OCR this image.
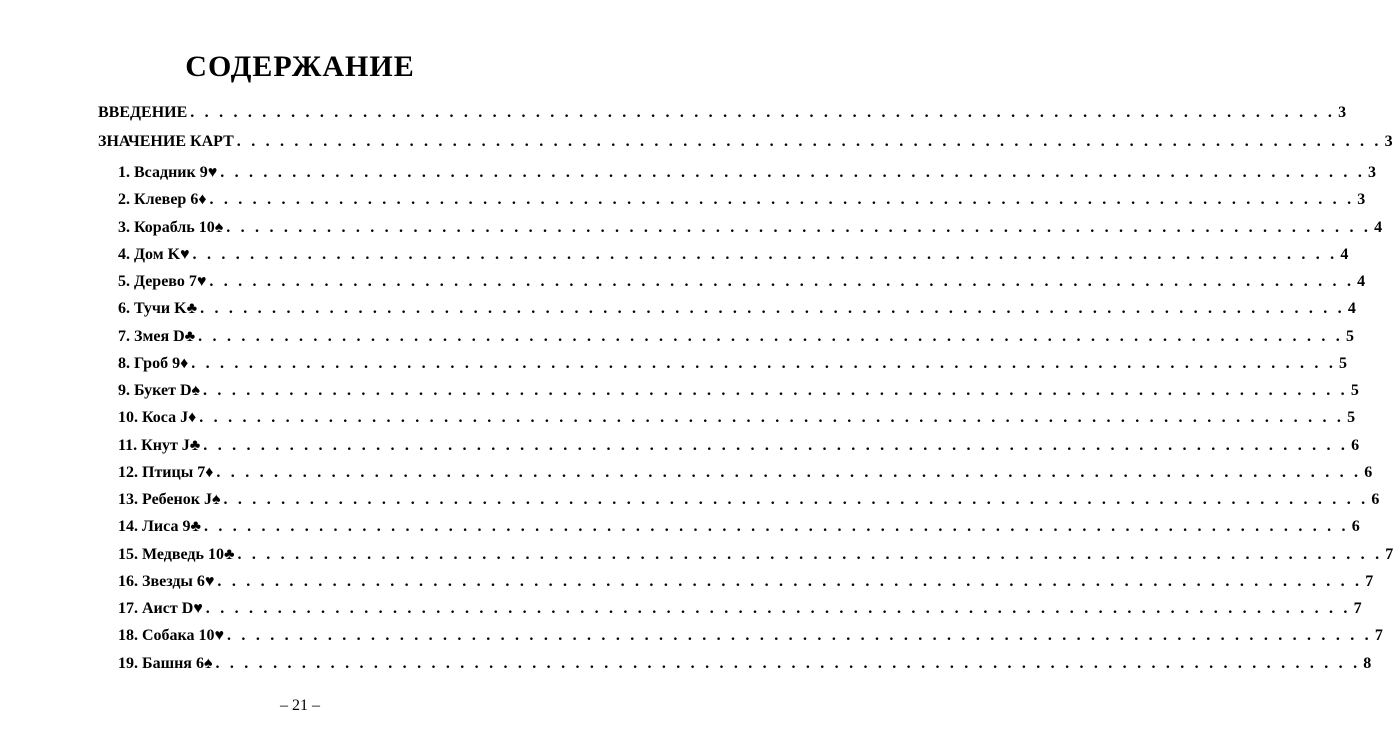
СОДЕРЖАНИЕ
ВВЕДЕНИЕ . . . . . . . . . . . . . . . . . . . . . . . . . . . . . . . . . . . . . . . . . . . . . . . . . . . . . . . . . . . . . . . . . . . . . . . . . . . . . . . . 3
ЗНАЧЕНИЕ КАРТ . . . . . . . . . . . . . . . . . . . . . . . . . . . . . . . . . . . . . . . . . . . . . . . . . . . . . . . . . . . . . . . . . . . . . . . . . . . . . . . . 3
1. Всадник 9♥ . . . . . . . . . . . . . . . . . . . . . . . . . . . . . . . . . . . . . . . . . . . . . . . . . . . . . . . . . . . . . . . . . . . . . . . . . . . . . . . . 3
2. Клевер 6♦ . . . . . . . . . . . . . . . . . . . . . . . . . . . . . . . . . . . . . . . . . . . . . . . . . . . . . . . . . . . . . . . . . . . . . . . . . . . . . . . . 3
3. Корабль 10♠ . . . . . . . . . . . . . . . . . . . . . . . . . . . . . . . . . . . . . . . . . . . . . . . . . . . . . . . . . . . . . . . . . . . . . . . . . . . . . . . . 4
4. Дом K♥ . . . . . . . . . . . . . . . . . . . . . . . . . . . . . . . . . . . . . . . . . . . . . . . . . . . . . . . . . . . . . . . . . . . . . . . . . . . . . . . . 4
5. Дерево 7♥ . . . . . . . . . . . . . . . . . . . . . . . . . . . . . . . . . . . . . . . . . . . . . . . . . . . . . . . . . . . . . . . . . . . . . . . . . . . . . . . . 4
6. Тучи K♣ . . . . . . . . . . . . . . . . . . . . . . . . . . . . . . . . . . . . . . . . . . . . . . . . . . . . . . . . . . . . . . . . . . . . . . . . . . . . . . . . 4
7. Змея D♣ . . . . . . . . . . . . . . . . . . . . . . . . . . . . . . . . . . . . . . . . . . . . . . . . . . . . . . . . . . . . . . . . . . . . . . . . . . . . . . . . 5
8. Гроб 9♦ . . . . . . . . . . . . . . . . . . . . . . . . . . . . . . . . . . . . . . . . . . . . . . . . . . . . . . . . . . . . . . . . . . . . . . . . . . . . . . . . 5
9. Букет D♠ . . . . . . . . . . . . . . . . . . . . . . . . . . . . . . . . . . . . . . . . . . . . . . . . . . . . . . . . . . . . . . . . . . . . . . . . . . . . . . . . 5
10. Коса J♦ . . . . . . . . . . . . . . . . . . . . . . . . . . . . . . . . . . . . . . . . . . . . . . . . . . . . . . . . . . . . . . . . . . . . . . . . . . . . . . . . 5
11. Кнут J♣ . . . . . . . . . . . . . . . . . . . . . . . . . . . . . . . . . . . . . . . . . . . . . . . . . . . . . . . . . . . . . . . . . . . . . . . . . . . . . . . . 6
12. Птицы 7♦ . . . . . . . . . . . . . . . . . . . . . . . . . . . . . . . . . . . . . . . . . . . . . . . . . . . . . . . . . . . . . . . . . . . . . . . . . . . . . . . . 6
13. Ребенок J♠ . . . . . . . . . . . . . . . . . . . . . . . . . . . . . . . . . . . . . . . . . . . . . . . . . . . . . . . . . . . . . . . . . . . . . . . . . . . . . . . . 6
14. Лиса 9♣ . . . . . . . . . . . . . . . . . . . . . . . . . . . . . . . . . . . . . . . . . . . . . . . . . . . . . . . . . . . . . . . . . . . . . . . . . . . . . . . . 6
15. Медведь 10♣ . . . . . . . . . . . . . . . . . . . . . . . . . . . . . . . . . . . . . . . . . . . . . . . . . . . . . . . . . . . . . . . . . . . . . . . . . . . . . . . . 7
16. Звезды 6♥ . . . . . . . . . . . . . . . . . . . . . . . . . . . . . . . . . . . . . . . . . . . . . . . . . . . . . . . . . . . . . . . . . . . . . . . . . . . . . . . . 7
17. Аист D♥ . . . . . . . . . . . . . . . . . . . . . . . . . . . . . . . . . . . . . . . . . . . . . . . . . . . . . . . . . . . . . . . . . . . . . . . . . . . . . . . . 7
18. Собака 10♥ . . . . . . . . . . . . . . . . . . . . . . . . . . . . . . . . . . . . . . . . . . . . . . . . . . . . . . . . . . . . . . . . . . . . . . . . . . . . . . . . 7
19. Башня 6♠ . . . . . . . . . . . . . . . . . . . . . . . . . . . . . . . . . . . . . . . . . . . . . . . . . . . . . . . . . . . . . . . . . . . . . . . . . . . . . . . . 8
– 21 –
